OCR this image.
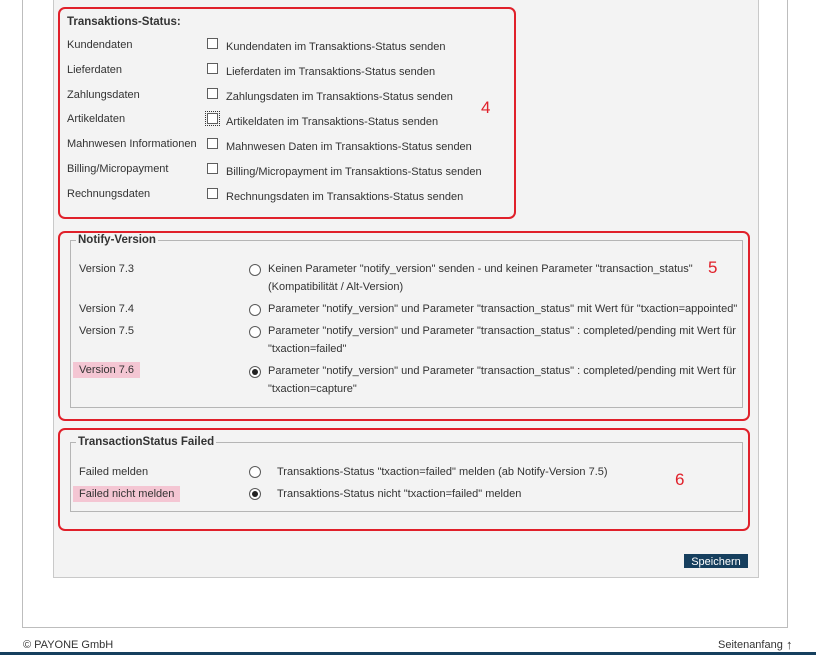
Transaktions-Status:
Kundendaten	Kundendaten im Transaktions-Status senden
Lieferdaten	Lieferdaten im Transaktions-Status senden
Zahlungsdaten	Zahlungsdaten im Transaktions-Status senden
Artikeldaten	Artikeldaten im Transaktions-Status senden
Mahnwesen Informationen	Mahnwesen Daten im Transaktions-Status senden
Billing/Micropayment	Billing/Micropayment im Transaktions-Status senden
Rechnungsdaten	Rechnungsdaten im Transaktions-Status senden
4
Notify-Version
Version 7.3	Keinen Parameter "notify_version" senden - und keinen Parameter "transaction_status" (Kompatibilität / Alt-Version)
Version 7.4	Parameter "notify_version" und Parameter "transaction_status" mit Wert für "txaction=appointed"
Version 7.5	Parameter "notify_version" und Parameter "transaction_status" : completed/pending mit Wert für "txaction=failed"
Version 7.6	Parameter "notify_version" und Parameter "transaction_status" : completed/pending mit Wert für "txaction=capture"
5
TransactionStatus Failed
Failed melden	Transaktions-Status "txaction=failed" melden (ab Notify-Version 7.5)
Failed nicht melden	Transaktions-Status nicht "txaction=failed" melden
6
Speichern
© PAYONE GmbH	Seitenanfang ↑
